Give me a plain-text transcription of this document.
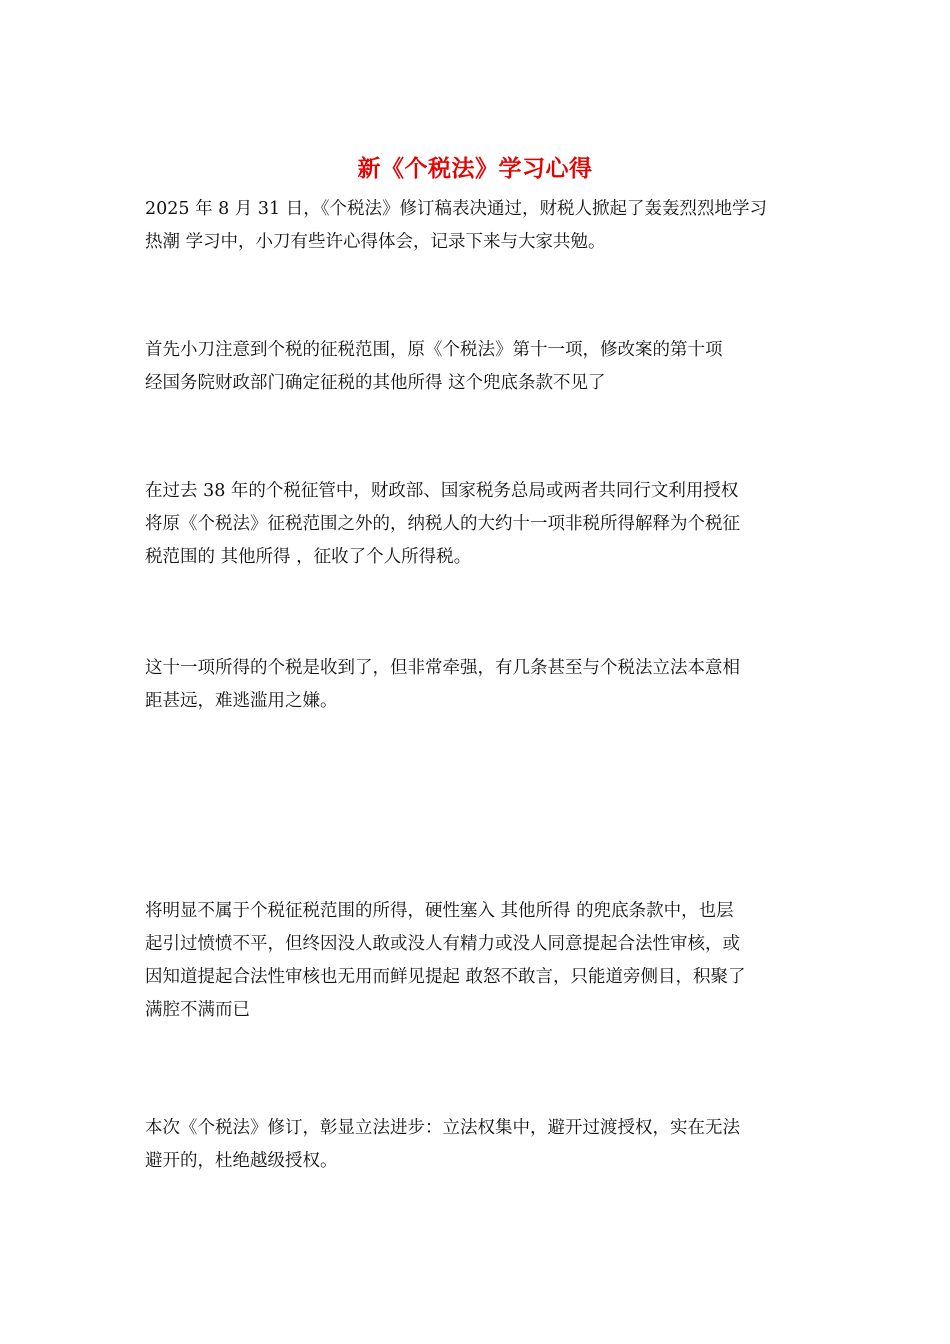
新《个税法》学习心得

2025 年 8 月 31 日，《个税法》修订稿表决通过，财税人掀起了轰轰烈烈地学习
热潮 学习中，小刀有些许心得体会，记录下来与大家共勉。

首先小刀注意到个税的征税范围，原《个税法》第十一项，修改案的第十项
经国务院财政部门确定征税的其他所得 这个兜底条款不见了

在过去 38 年的个税征管中，财政部、国家税务总局或两者共同行文利用授权
将原《个税法》征税范围之外的，纳税人的大约十一项非税所得解释为个税征
税范围的 其他所得 ，征收了个人所得税。

这十一项所得的个税是收到了，但非常牵强，有几条甚至与个税法立法本意相
距甚远，难逃滥用之嫌。

将明显不属于个税征税范围的所得，硬性塞入 其他所得 的兜底条款中，也层
起引过愤愤不平，但终因没人敢或没人有精力或没人同意提起合法性审核，或
因知道提起合法性审核也无用而鲜见提起 敢怒不敢言，只能道旁侧目，积聚了
满腔不满而已

本次《个税法》修订，彰显立法进步：立法权集中，避开过渡授权，实在无法
避开的，杜绝越级授权。
